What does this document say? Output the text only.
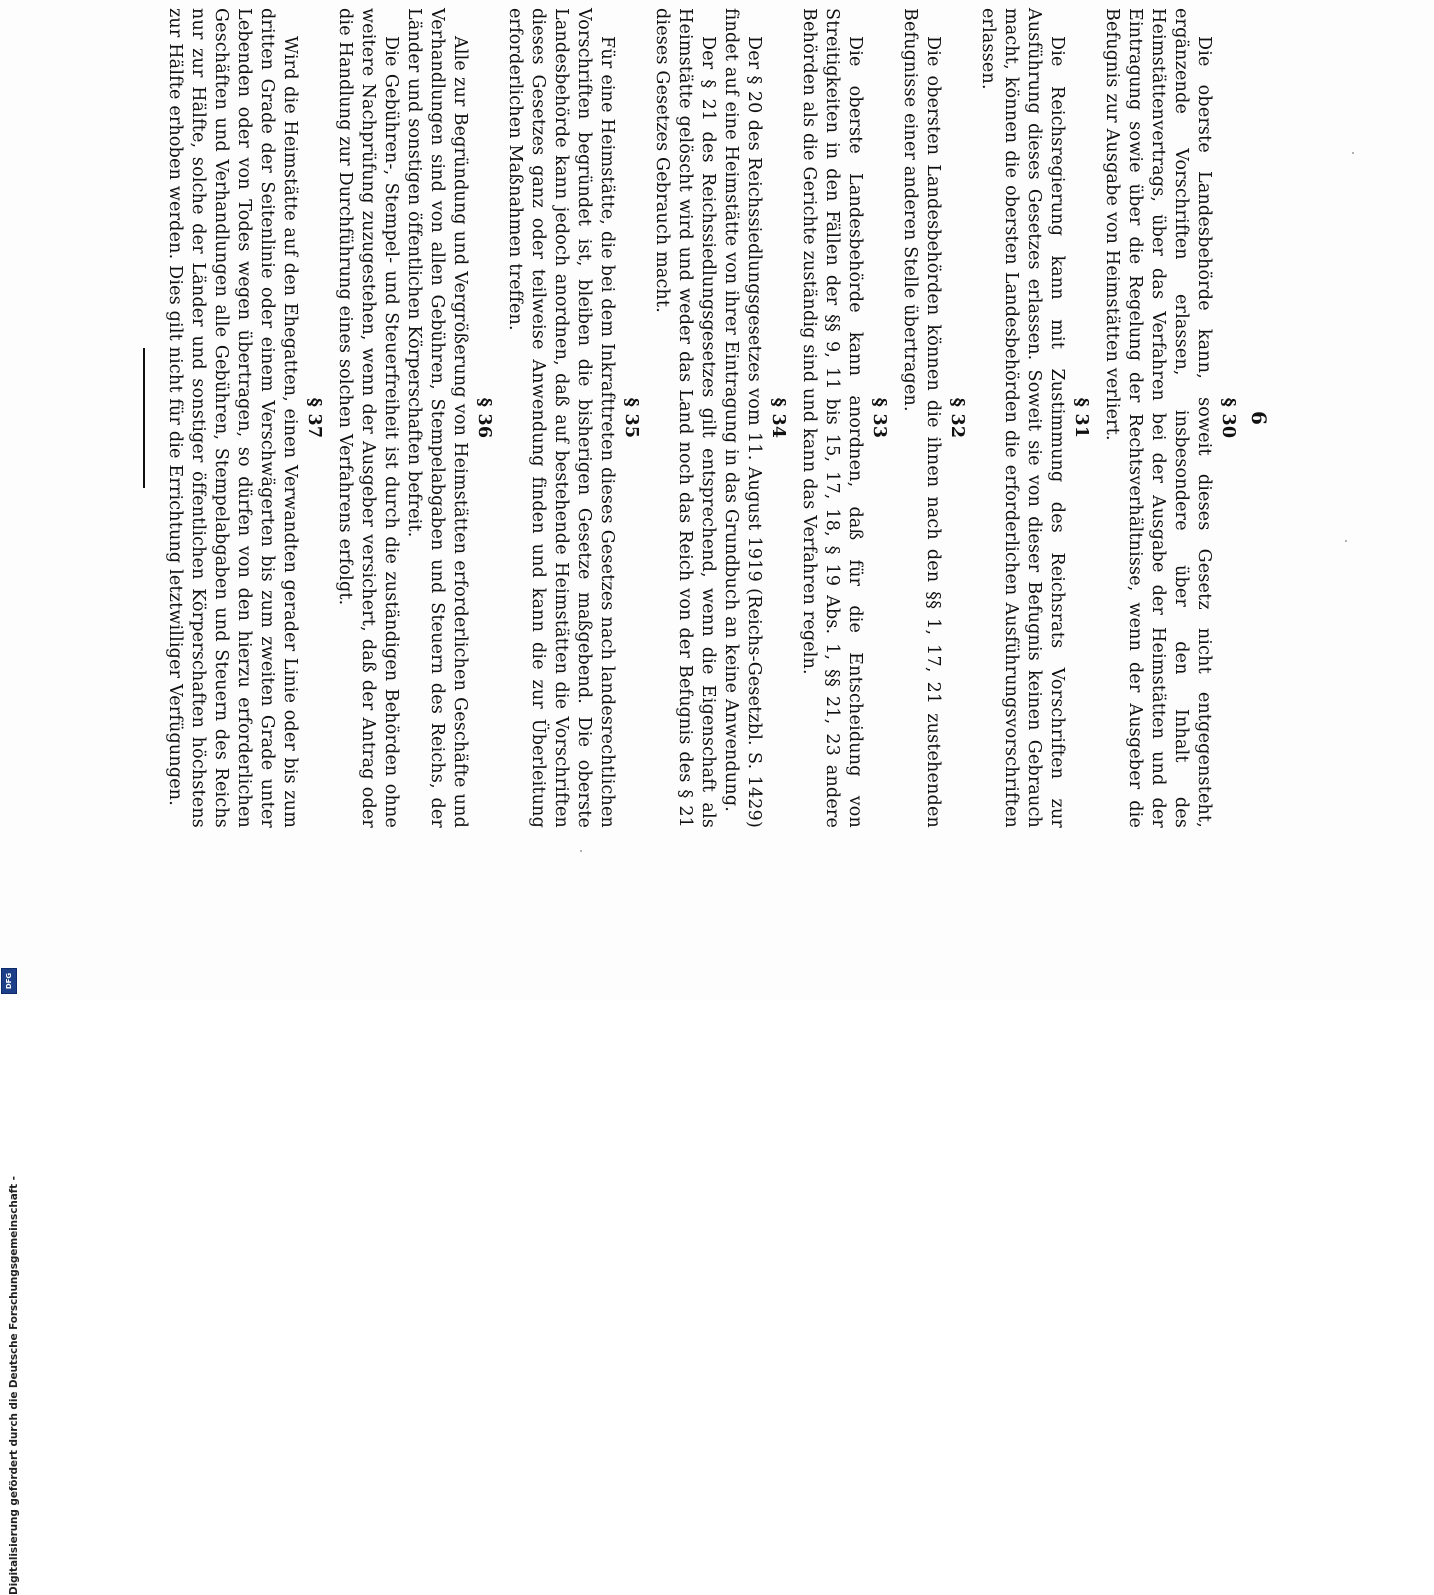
6
§ 30

Die oberste Landesbehörde kann, soweit dieses Gesetz nicht entgegensteht, ergänzende Vorschriften erlassen, insbesondere über den Inhalt des Heimstättenvertrags, über das Verfahren bei der Ausgabe der Heimstätten und der Eintragung sowie über die Regelung der Rechtsverhältnisse, wenn der Ausgeber die Befugnis zur Ausgabe von Heimstätten verliert.

§ 31

Die Reichsregierung kann mit Zustimmung des Reichsrats Vorschriften zur Ausführung dieses Gesetzes erlassen. Soweit sie von dieser Befugnis keinen Gebrauch macht, können die obersten Landesbehörden die erforderlichen Ausführungsvorschriften erlassen.

§ 32

Die obersten Landesbehörden können die ihnen nach den §§ 1, 17, 21 zustehenden Befugnisse einer anderen Stelle übertragen.

§ 33

Die oberste Landesbehörde kann anordnen, daß für die Entscheidung von Streitigkeiten in den Fällen der §§ 9, 11 bis 15, 17, 18, § 19 Abs. 1, §§ 21, 23 andere Behörden als die Gerichte zuständig sind und kann das Verfahren regeln.

§ 34

Der § 20 des Reichssiedlungsgesetzes vom 11. August 1919 (Reichs-Gesetzbl. S. 1429) findet auf eine Heimstätte von ihrer Eintragung in das Grundbuch an keine Anwendung.

Der § 21 des Reichssiedlungsgesetzes gilt entsprechend, wenn die Eigenschaft als Heimstätte gelöscht wird und weder das Land noch das Reich von der Befugnis des § 21 dieses Gesetzes Gebrauch macht.

§ 35

Für eine Heimstätte, die bei dem Inkrafttreten dieses Gesetzes nach landesrechtlichen Vorschriften begründet ist, bleiben die bisherigen Gesetze maßgebend. Die oberste Landesbehörde kann jedoch anordnen, daß auf bestehende Heimstätten die Vorschriften dieses Gesetzes ganz oder teilweise Anwendung finden und kann die zur Überleitung erforderlichen Maßnahmen treffen.

§ 36

Alle zur Begründung und Vergrößerung von Heimstätten erforderlichen Geschäfte und Verhandlungen sind von allen Gebühren, Stempelabgaben und Steuern des Reichs, der Länder und sonstigen öffentlichen Körperschaften befreit.

Die Gebühren-, Stempel- und Steuerfreiheit ist durch die zuständigen Behörden ohne weitere Nachprüfung zuzugestehen, wenn der Ausgeber versichert, daß der Antrag oder die Handlung zur Durchführung eines solchen Verfahrens erfolgt.

§ 37

Wird die Heimstätte auf den Ehegatten, einen Verwandten gerader Linie oder bis zum dritten Grade der Seitenlinie oder einem Verschwägerten bis zum zweiten Grade unter Lebenden oder von Todes wegen übertragen, so dürfen von den hierzu erforderlichen Geschäften und Verhandlungen alle Gebühren, Stempelabgaben und Steuern des Reichs nur zur Hälfte, solche der Länder und sonstiger öffentlichen Körperschaften höchstens zur Hälfte erhoben werden. Dies gilt nicht für die Errichtung letztwilliger Verfügungen.

Digitalisierung gefördert durch die Deutsche Forschungsgemeinschaft -
DFG
